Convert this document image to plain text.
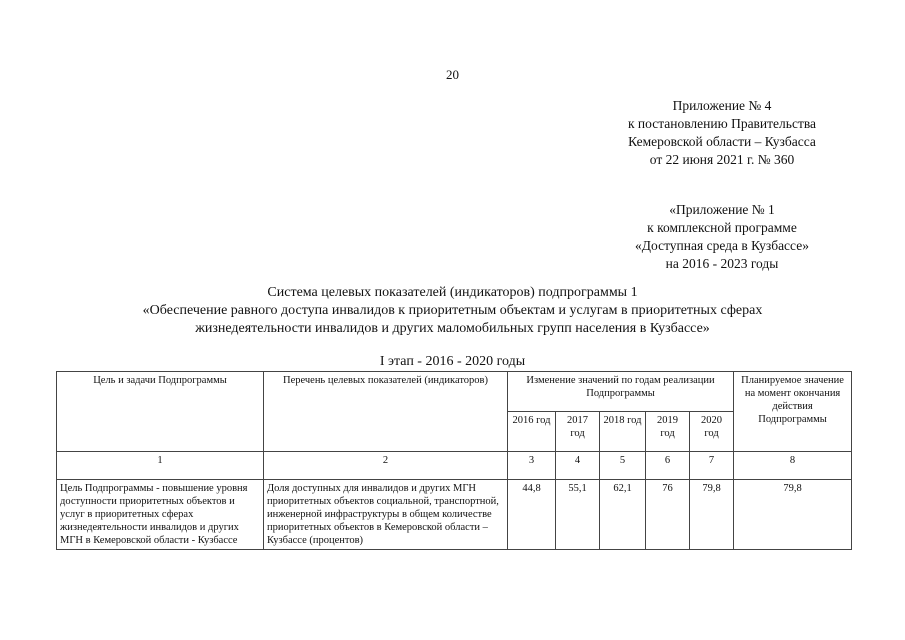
20
Приложение № 4
к постановлению Правительства
Кемеровской области – Кузбасса
от 22 июня 2021 г. № 360
«Приложение № 1
к комплексной программе
«Доступная среда в Кузбассе»
на 2016 - 2023 годы
Система целевых показателей (индикаторов) подпрограммы 1
«Обеспечение равного доступа инвалидов к приоритетным объектам и услугам в приоритетных сферах
жизнедеятельности инвалидов и других маломобильных групп населения в Кузбассе»
I этап - 2016 - 2020 годы
Цель и задачи Подпрограммы	Перечень целевых показателей (индикаторов)	Изменение значений по годам реализации Подпрограммы					Планируемое значение на момент окончания действия Подпрограммы
		2016 год	2017 год	2018 год	2019 год	2020 год	
1	2	3	4	5	6	7	8
Цель Подпрограммы - повышение уровня доступности приоритетных объектов и услуг в приоритетных сферах жизнедеятельности инвалидов и других МГН в Кемеровской области - Кузбассе	Доля доступных для инвалидов и других МГН приоритетных объектов социальной, транспортной, инженерной инфраструктуры в общем количестве приоритетных объектов в Кемеровской области – Кузбассе (процентов)	44,8	55,1	62,1	76	79,8	79,8
